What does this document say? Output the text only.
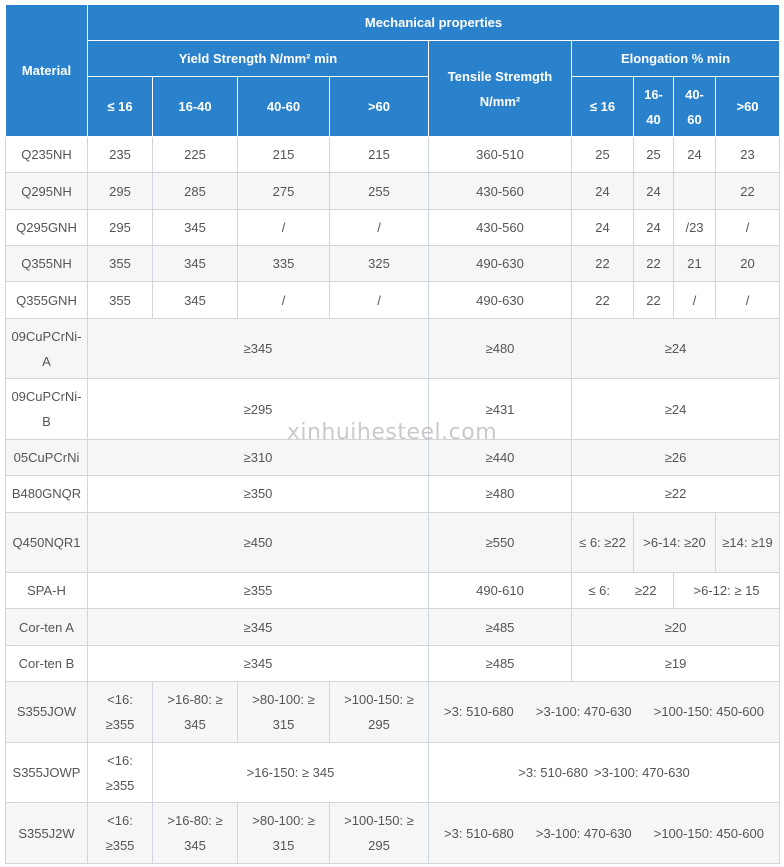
Material	Mechanical properties								
	Yield Strength N/mm² min				Tensile Stremgth N/mm²	Elongation % min			
	≤ 16	16-40	40-60	>60		≤ 16	16-40	40-60	>60
Q235NH	235	225	215	215	360-510	25	25	24	23
Q295NH	295	285	275	255	430-560	24	24		22
Q295GNH	295	345	/	/	430-560	24	24	/23	/
Q355NH	355	345	335	325	490-630	22	22	21	20
Q355GNH	355	345	/	/	490-630	22	22	/	/
09CuPCrNi-A	≥345				≥480	≥24			
09CuPCrNi-B	≥295				≥431	≥24			
05CuPCrNi	≥310				≥440	≥26			
B480GNQR	≥350				≥480	≥22			
Q450NQR1	≥450				≥550	≤ 6: ≥22	>6-14: ≥20		≥14: ≥19
SPA-H	≥355				490-610	≤ 6: ≥22		>6-12: ≥ 15	
Cor-ten A	≥345				≥485	≥20			
Cor-ten B	≥345				≥485	≥19			
S355JOW	<16: ≥355	>16-80: ≥ 345	>80-100: ≥ 315	>100-150: ≥ 295	>3: 510-680 >3-100: 470-630 >100-150: 450-600				

S355JOWP	<16: ≥355	>16-150: ≥ 345			>3: 510-680 >3-100: 470-630				

S355J2W	<16: ≥355	>16-80: ≥ 345	>80-100: ≥ 315	>100-150: ≥ 295	>3: 510-680 >3-100: 470-630 >100-150: 450-600				
xinhuihesteel.com
